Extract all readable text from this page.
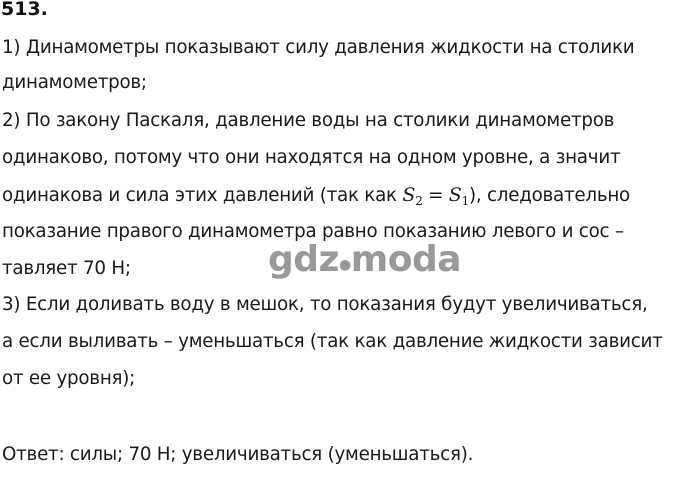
513.
1) Динамометры показывают силу давления жидкости на столики
динамометров;
2) По закону Паскаля, давление воды на столики динамометров
одинаково, потому что они находятся на одном уровне, а значит
одинакова и сила этих давлений (так как $S_2 = S_1$), следовательно
показание правого динамометра равно показанию левого и сос –
тавляет 70 Н;
3) Если доливать воду в мешок, то показания будут увеличиваться,
а если выливать – уменьшаться (так как давление жидкости зависит
от ее уровня);
Ответ: силы; 70 Н; увеличиваться (уменьшаться).
gdz●moda
